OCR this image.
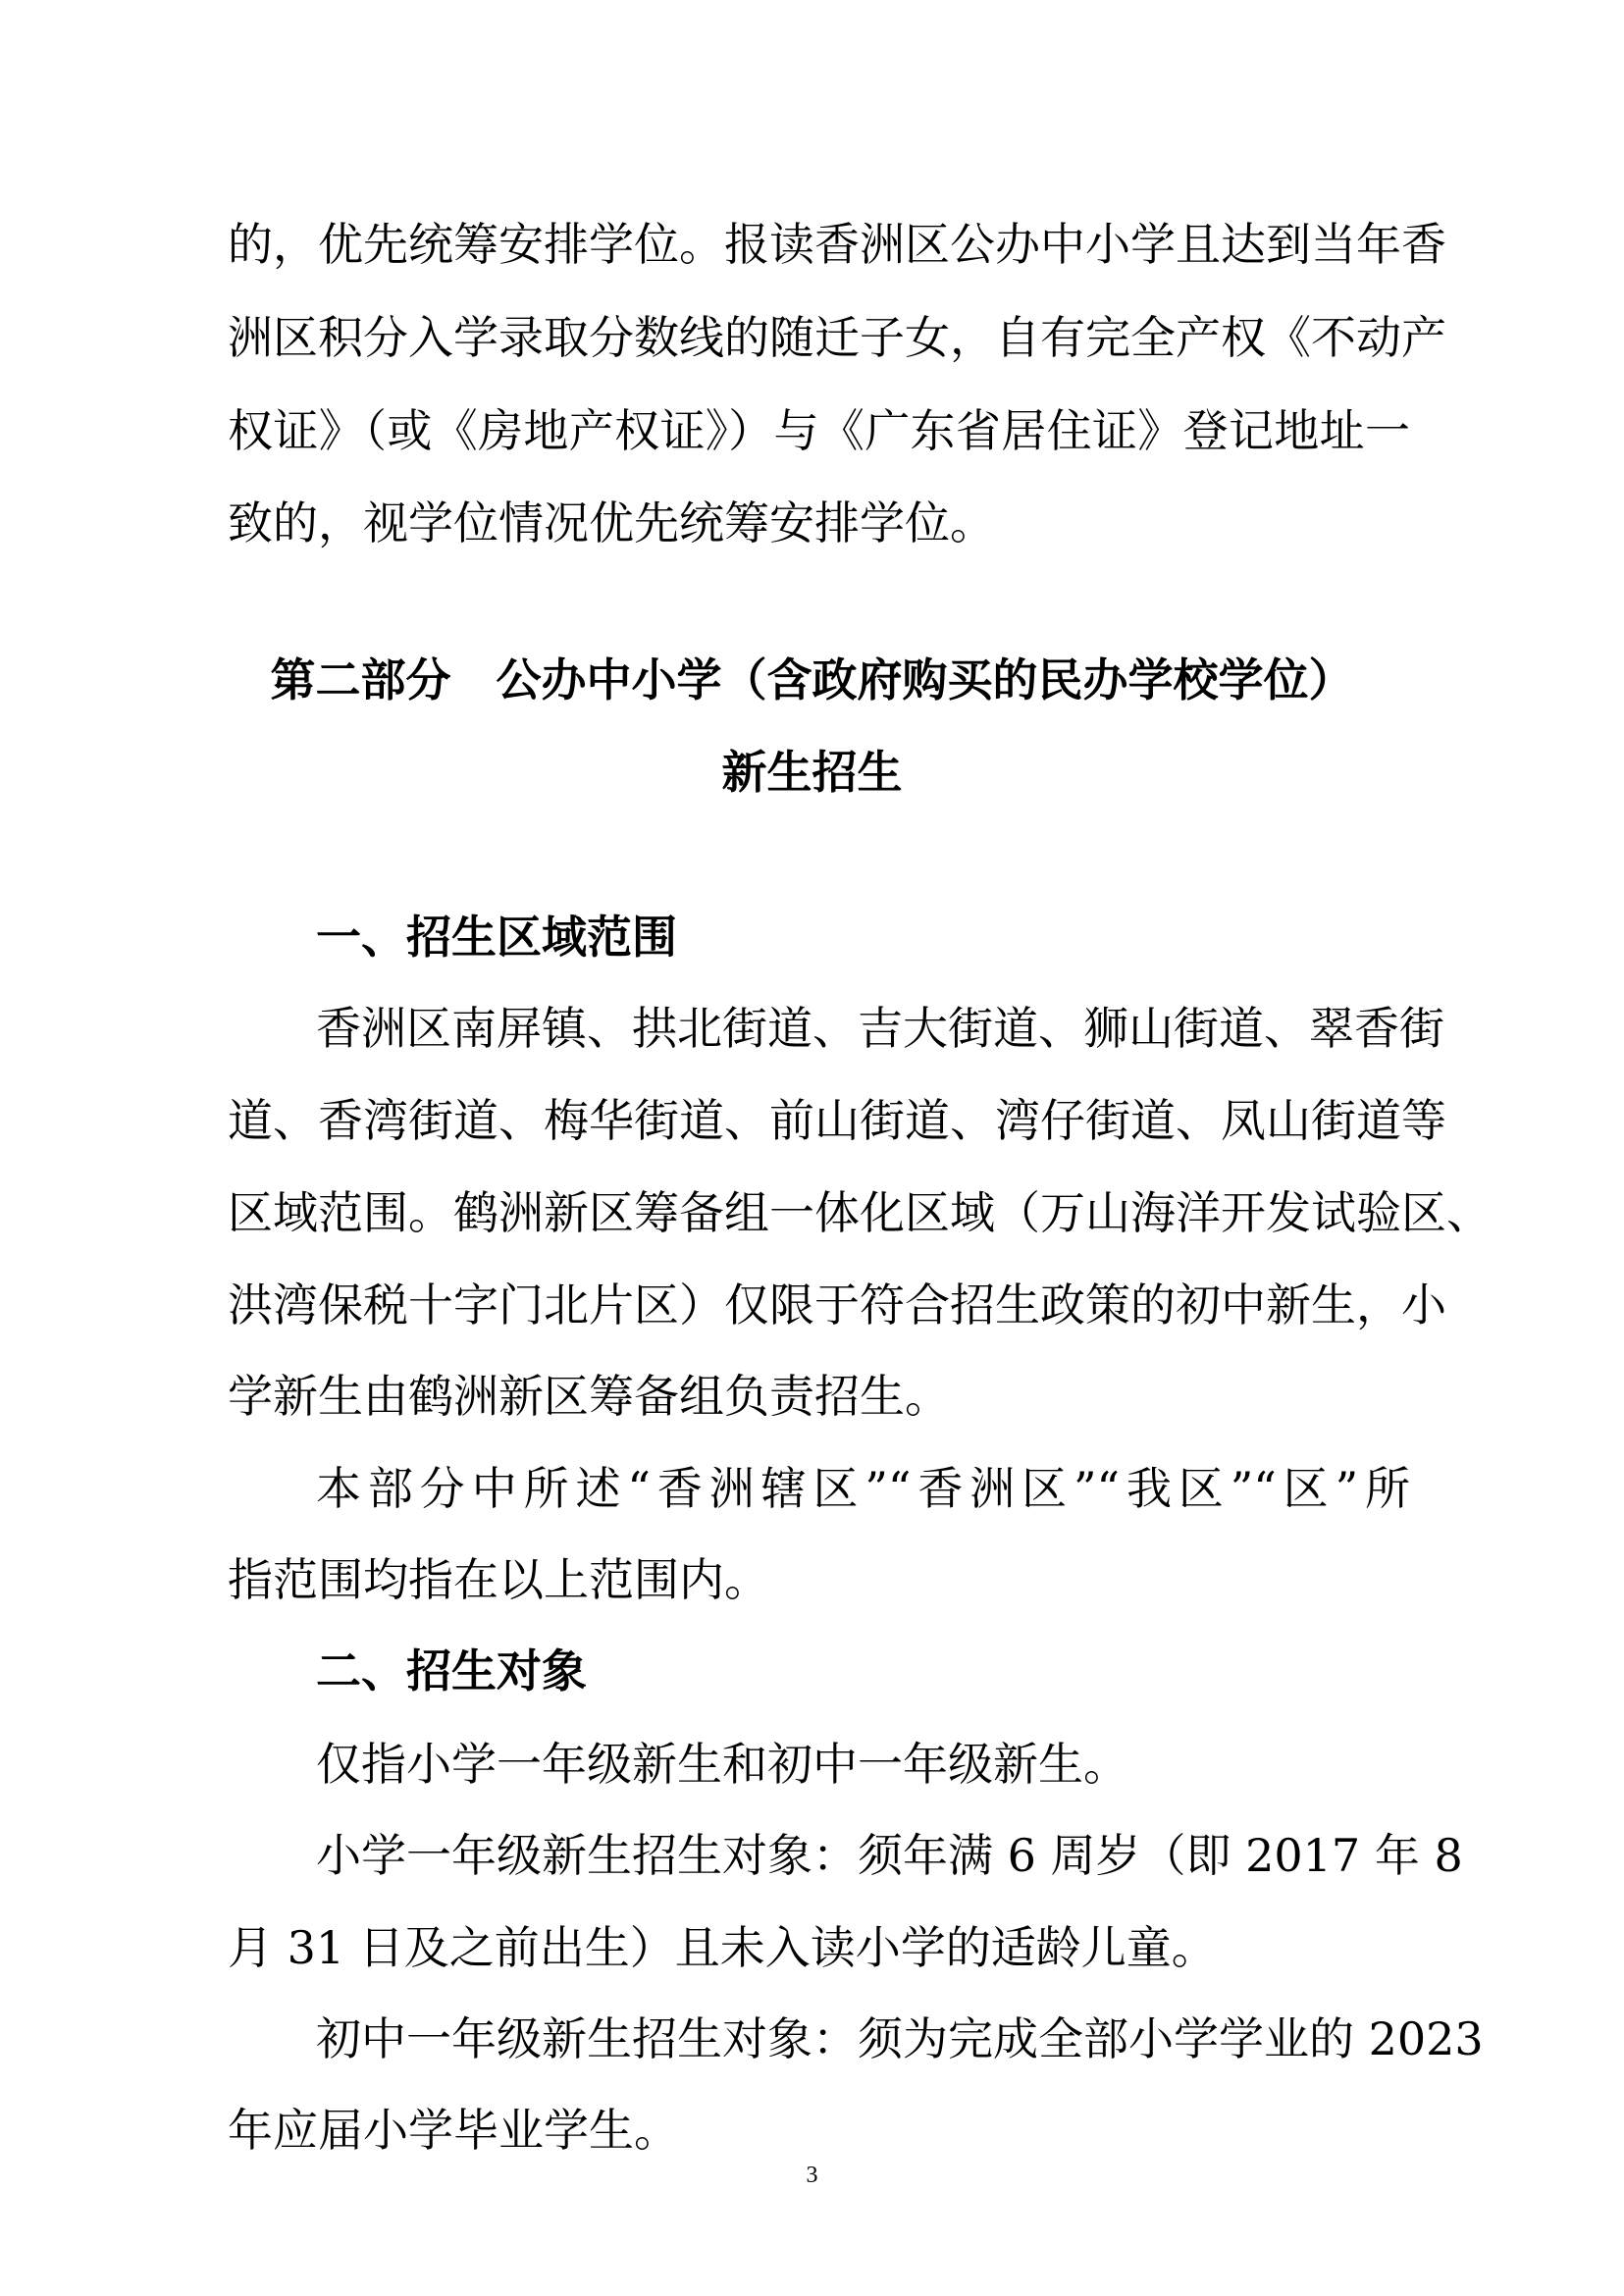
的，优先统筹安排学位。报读香洲区公办中小学且达到当年香
洲区积分入学录取分数线的随迁子女，自有完全产权《不动产
权证》（或《房地产权证》）与《广东省居住证》登记地址一
致的，视学位情况优先统筹安排学位。
第二部分　公办中小学（含政府购买的民办学校学位）
新生招生
一、招生区域范围
香洲区南屏镇、拱北街道、吉大街道、狮山街道、翠香街
道、香湾街道、梅华街道、前山街道、湾仔街道、凤山街道等
区域范围。鹤洲新区筹备组一体化区域（万山海洋开发试验区、
洪湾保税十字门北片区）仅限于符合招生政策的初中新生，小
学新生由鹤洲新区筹备组负责招生。
本部分中所述“香洲辖区”“香洲区”“我区”“区”所
指范围均指在以上范围内。
二、招生对象
仅指小学一年级新生和初中一年级新生。
小学一年级新生招生对象：须年满 6 周岁（即 2017 年 8
月 31 日及之前出生）且未入读小学的适龄儿童。
初中一年级新生招生对象：须为完成全部小学学业的 2023
年应届小学毕业学生。
3
